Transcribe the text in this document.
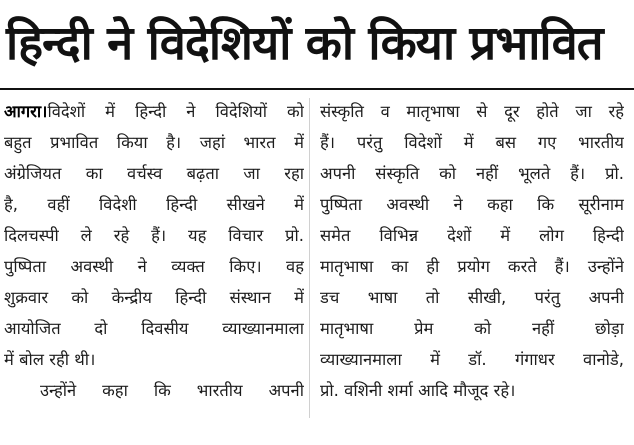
हिन्दी ने विदेशियों को किया प्रभावित
आगरा।विदेशों में हिन्दी ने विदेशियों को
बहुत प्रभावित किया है। जहां भारत में
अंग्रेजियत का वर्चस्व बढ़ता जा रहा
है, वहीं विदेशी हिन्दी सीखने में
दिलचस्पी ले रहे हैं। यह विचार प्रो.
पुष्पिता अवस्थी ने व्यक्त किए। वह
शुक्रवार को केन्द्रीय हिन्दी संस्थान में
आयोजित दो दिवसीय व्याख्यानमाला
में बोल रही थी।
उन्होंने कहा कि भारतीय अपनी
संस्कृति व मातृभाषा से दूर होते जा रहे
हैं। परंतु विदेशों में बस गए भारतीय
अपनी संस्कृति को नहीं भूलते हैं। प्रो.
पुष्पिता अवस्थी ने कहा कि सूरीनाम
समेत विभिन्न देशों में लोग हिन्दी
मातृभाषा का ही प्रयोग करते हैं। उन्होंने
डच भाषा तो सीखी, परंतु अपनी
मातृभाषा प्रेम को नहीं छोड़ा
व्याख्यानमाला में डॉ. गंगाधर वानोडे,
प्रो. वशिनी शर्मा आदि मौजूद रहे।
